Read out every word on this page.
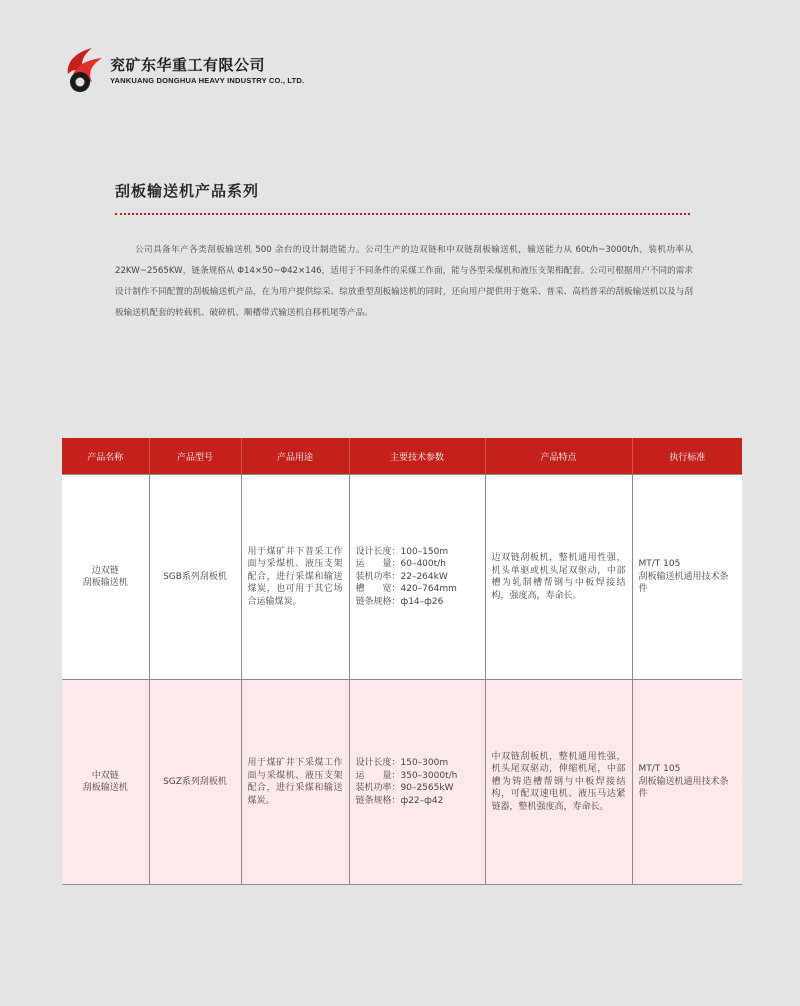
兖矿东华重工有限公司
YANKUANG DONGHUA HEAVY INDUSTRY CO., LTD.
刮板输送机产品系列
公司具备年产各类刮板输送机 500 余台的设计制造能力。公司生产的边双链和中双链刮板输送机，输送能力从 60t/h~3000t/h，装机功率从 22KW~2565KW，链条规格从 Φ14×50~Φ42×146，适用于不同条件的采煤工作面，能与各型采煤机和液压支架相配套。公司可根据用户不同的需求设计制作不同配置的刮板输送机产品，在为用户提供综采、综放重型刮板输送机的同时，还向用户提供用于炮采、普采、高档普采的刮板输送机以及与刮板输送机配套的转载机、破碎机、顺槽带式输送机自移机尾等产品。
产品名称	产品型号	产品用途	主要技术参数	产品特点	执行标准

边双链
刮板输送机	SGB系列刮板机	用于煤矿井下普采工作面与采煤机、液压支架配合，进行采煤和输送煤炭，也可用于其它场合运输煤炭。	设计长度：100–150m
运　　量：60–400t/h
装机功率：22–264kW
槽　　宽：420–764mm
链条规格：ф14–ф26	边双链刮板机，整机通用性强，机头单驱或机头尾双驱动，中部槽为轧制槽帮钢与中板焊接结构，强度高，寿命长。	MT/T 105
刮板输送机通用技术条件

中双链
刮板输送机	SGZ系列刮板机	用于煤矿井下采煤工作面与采煤机、液压支架配合，进行采煤和输送煤炭。	设计长度：150–300m
运　　量：350–3000t/h
装机功率：90–2565kW
链条规格：ф22–ф42	中双链刮板机，整机通用性强，机头尾双驱动，伸缩机尾，中部槽为铸造槽帮钢与中板焊接结构，可配双速电机、液压马达紧链器，整机强度高，寿命长。	MT/T 105
刮板输送机通用技术条件
